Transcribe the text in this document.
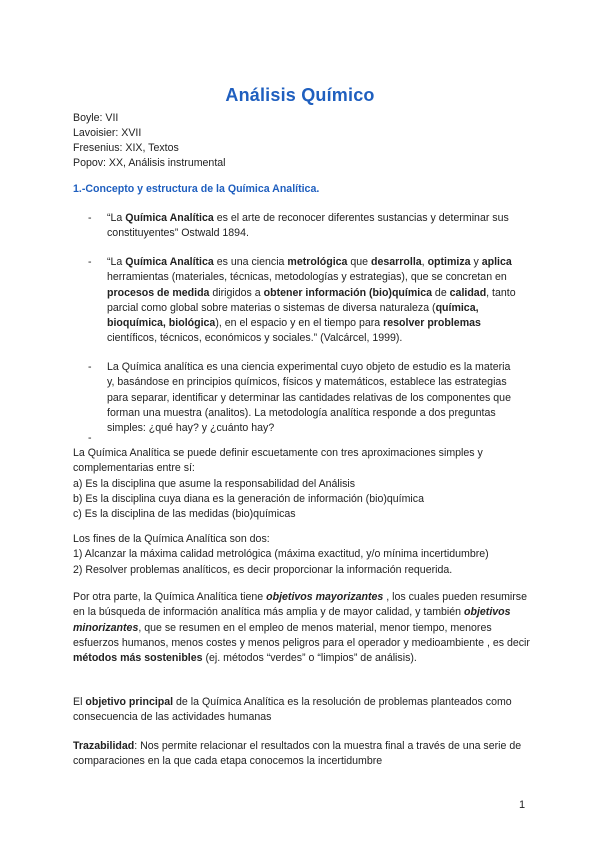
Análisis Químico
Boyle: VII
Lavoisier: XVII
Fresenius: XIX, Textos
Popov: XX, Análisis instrumental
1.-Concepto y estructura de la Química Analítica.
- “La Química Analítica es el arte de reconocer diferentes sustancias y determinar sus constituyentes” Ostwald 1894.
- “La Química Analítica es una ciencia metrológica que desarrolla, optimiza y aplica herramientas (materiales, técnicas, metodologías y estrategias), que se concretan en procesos de medida dirigidos a obtener información (bio)química de calidad, tanto parcial como global sobre materias o sistemas de diversa naturaleza (química, bioquímica, biológica), en el espacio y en el tiempo para resolver problemas científicos, técnicos, económicos y sociales.” (Valcárcel, 1999).
- La Química analítica es una ciencia experimental cuyo objeto de estudio es la materia y, basándose en principios químicos, físicos y matemáticos, establece las estrategias para separar, identificar y determinar las cantidades relativas de los componentes que forman una muestra (analitos). La metodología analítica responde a dos preguntas simples: ¿qué hay? y ¿cuánto hay?
-
La Química Analítica se puede definir escuetamente con tres aproximaciones simples y complementarias entre sí:
a) Es la disciplina que asume la responsabilidad del Análisis
b) Es la disciplina cuya diana es la generación de información (bio)química
c) Es la disciplina de las medidas (bio)químicas
Los fines de la Química Analítica son dos:
1) Alcanzar la máxima calidad metrológica (máxima exactitud, y/o mínima incertidumbre)
2) Resolver problemas analíticos, es decir proporcionar la información requerida.
Por otra parte, la Química Analítica tiene objetivos mayorizantes , los cuales pueden resumirse en la búsqueda de información analítica más amplia y de mayor calidad, y también objetivos minorizantes, que se resumen en el empleo de menos material, menor tiempo, menores esfuerzos humanos, menos costes y menos peligros para el operador y medioambiente , es decir métodos más sostenibles (ej. métodos “verdes” o “limpios” de análisis).
El objetivo principal de la Química Analítica es la resolución de problemas planteados como consecuencia de las actividades humanas
Trazabilidad: Nos permite relacionar el resultados con la muestra final a través de una serie de comparaciones en la que cada etapa conocemos la incertidumbre
1
